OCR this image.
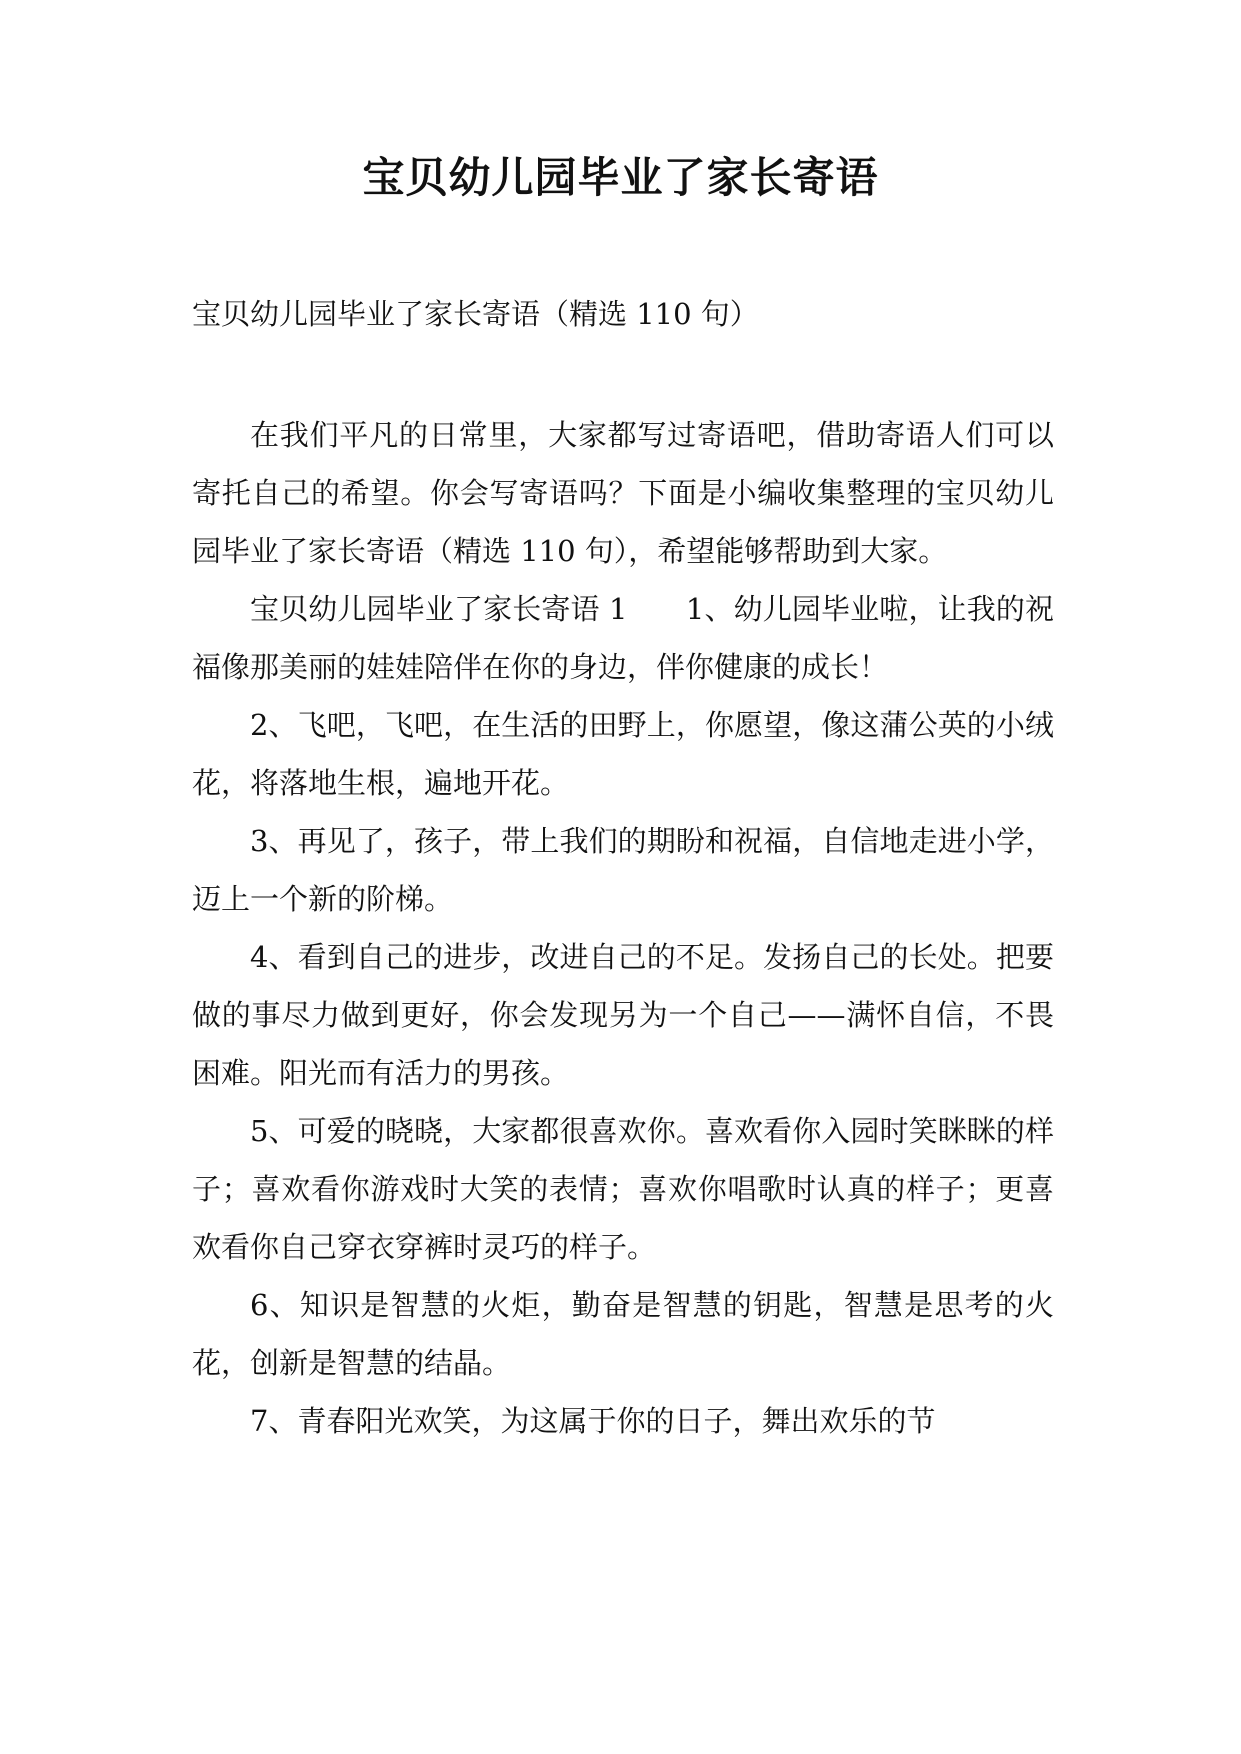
宝贝幼儿园毕业了家长寄语
宝贝幼儿园毕业了家长寄语（精选 110 句）

在我们平凡的日常里，大家都写过寄语吧，借助寄语人们可以寄托自己的希望。你会写寄语吗？下面是小编收集整理的宝贝幼儿园毕业了家长寄语（精选 110 句），希望能够帮助到大家。

宝贝幼儿园毕业了家长寄语 1　　1、幼儿园毕业啦，让我的祝福像那美丽的娃娃陪伴在你的身边，伴你健康的成长！

2、飞吧，飞吧，在生活的田野上，你愿望，像这蒲公英的小绒花，将落地生根，遍地开花。

3、再见了，孩子，带上我们的期盼和祝福，自信地走进小学，迈上一个新的阶梯。

4、看到自己的进步，改进自己的不足。发扬自己的长处。把要做的事尽力做到更好，你会发现另为一个自己——满怀自信，不畏困难。阳光而有活力的男孩。

5、可爱的晓晓，大家都很喜欢你。喜欢看你入园时笑眯眯的样子；喜欢看你游戏时大笑的表情；喜欢你唱歌时认真的样子；更喜欢看你自己穿衣穿裤时灵巧的样子。

6、知识是智慧的火炬，勤奋是智慧的钥匙，智慧是思考的火花，创新是智慧的结晶。

7、青春阳光欢笑，为这属于你的日子，舞出欢乐的节
